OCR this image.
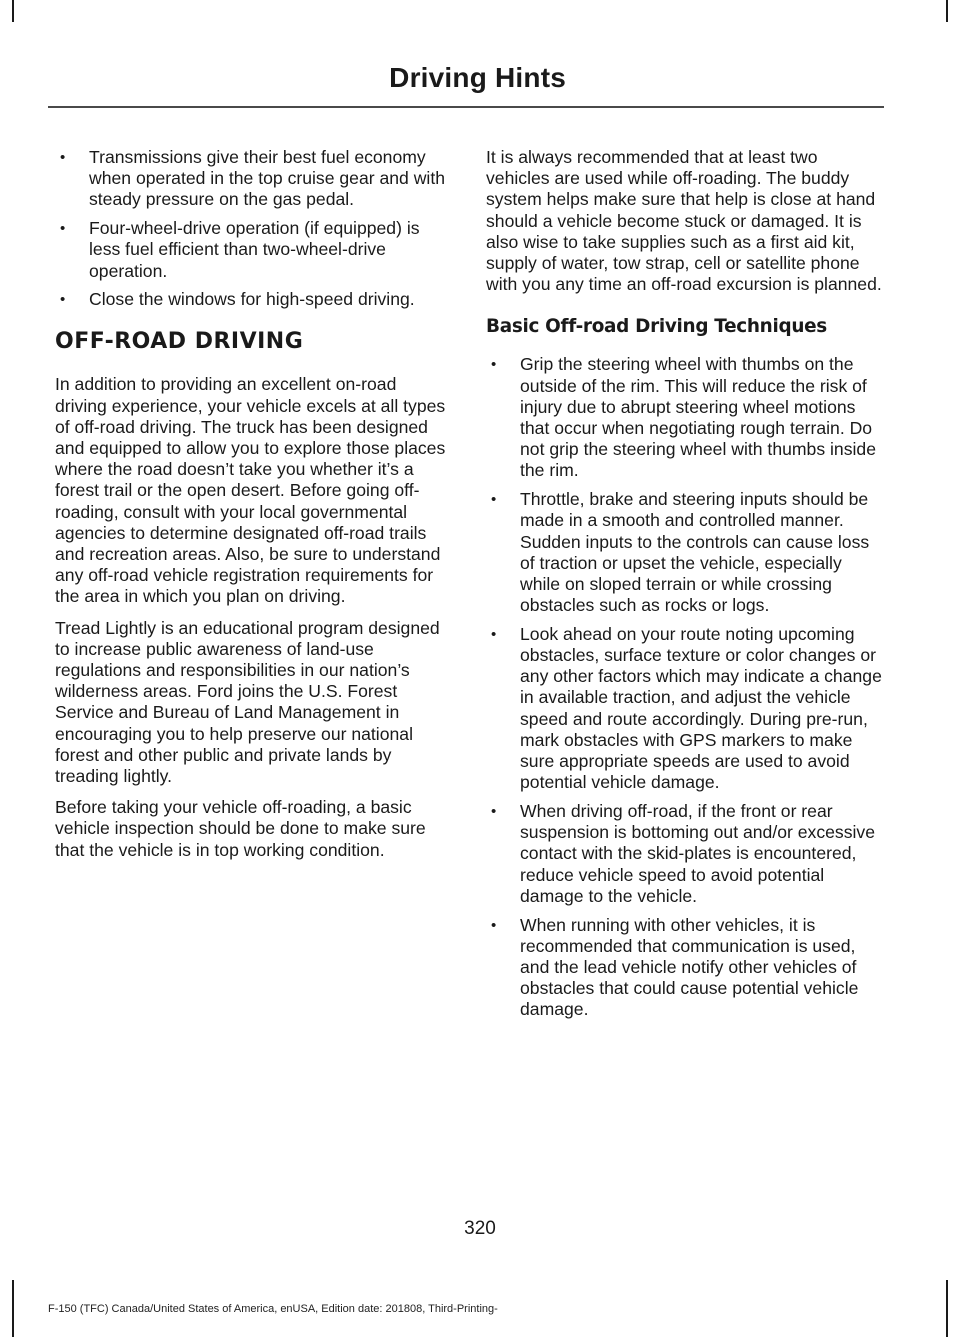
Driving Hints
• Transmissions give their best fuel economy when operated in the top cruise gear and with steady pressure on the gas pedal.
• Four-wheel-drive operation (if equipped) is less fuel efficient than two-wheel-drive operation.
• Close the windows for high-speed driving.
OFF-ROAD DRIVING

In addition to providing an excellent on-road driving experience, your vehicle excels at all types of off-road driving. The truck has been designed and equipped to allow you to explore those places where the road doesn’t take you whether it’s a forest trail or the open desert. Before going off-roading, consult with your local governmental agencies to determine designated off-road trails and recreation areas. Also, be sure to understand any off-road vehicle registration requirements for the area in which you plan on driving.

Tread Lightly is an educational program designed to increase public awareness of land-use regulations and responsibilities in our nation’s wilderness areas. Ford joins the U.S. Forest Service and Bureau of Land Management in encouraging you to help preserve our national forest and other public and private lands by treading lightly.

Before taking your vehicle off-roading, a basic vehicle inspection should be done to make sure that the vehicle is in top working condition.

It is always recommended that at least two vehicles are used while off-roading. The buddy system helps make sure that help is close at hand should a vehicle become stuck or damaged. It is also wise to take supplies such as a first aid kit, supply of water, tow strap, cell or satellite phone with you any time an off-road excursion is planned.

Basic Off-road Driving Techniques
• Grip the steering wheel with thumbs on the outside of the rim. This will reduce the risk of injury due to abrupt steering wheel motions that occur when negotiating rough terrain. Do not grip the steering wheel with thumbs inside the rim.
• Throttle, brake and steering inputs should be made in a smooth and controlled manner. Sudden inputs to the controls can cause loss of traction or upset the vehicle, especially while on sloped terrain or while crossing obstacles such as rocks or logs.
• Look ahead on your route noting upcoming obstacles, surface texture or color changes or any other factors which may indicate a change in available traction, and adjust the vehicle speed and route accordingly. During pre-run, mark obstacles with GPS markers to make sure appropriate speeds are used to avoid potential vehicle damage.
• When driving off-road, if the front or rear suspension is bottoming out and/or excessive contact with the skid-plates is encountered, reduce vehicle speed to avoid potential damage to the vehicle.
• When running with other vehicles, it is recommended that communication is used, and the lead vehicle notify other vehicles of obstacles that could cause potential vehicle damage.
320
F-150 (TFC) Canada/United States of America, enUSA, Edition date: 201808, Third-Printing-
